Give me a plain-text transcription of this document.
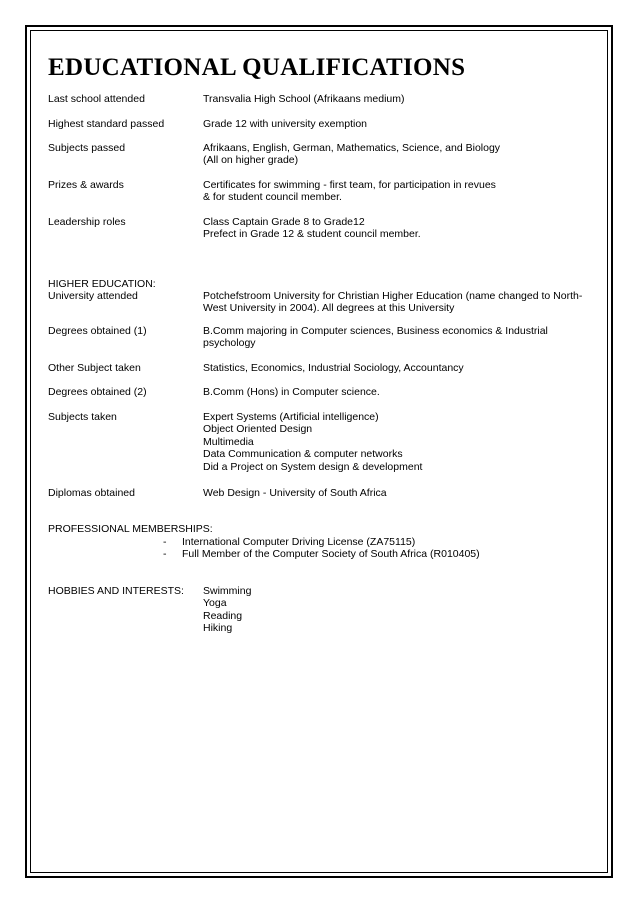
EDUCATIONAL QUALIFICATIONS
Last school attended	Transvalia High School (Afrikaans medium)
Highest standard passed	Grade 12 with university exemption
Subjects passed	Afrikaans, English, German, Mathematics, Science, and Biology
(All on higher grade)
Prizes & awards	Certificates for swimming - first team, for participation in revues
& for student council member.
Leadership roles	Class Captain Grade 8 to Grade12
Prefect in Grade 12 & student council member.
HIGHER EDUCATION:
University attended	Potchefstroom University for Christian Higher Education (name changed to North-
West University in 2004). All degrees at this University
Degrees obtained (1)	B.Comm majoring in Computer sciences, Business economics & Industrial
psychology
Other Subject taken	Statistics, Economics, Industrial Sociology, Accountancy
Degrees obtained (2)	B.Comm (Hons) in Computer science.
Subjects taken	Expert Systems (Artificial intelligence)
Object Oriented Design
Multimedia
Data Communication & computer networks
Did a Project on System design & development
Diplomas obtained	Web Design - University of South Africa
PROFESSIONAL MEMBERSHIPS:
- International Computer Driving License (ZA75115)
- Full Member of the Computer Society of South Africa (R010405)
HOBBIES AND INTERESTS: Swimming
Yoga
Reading
Hiking
